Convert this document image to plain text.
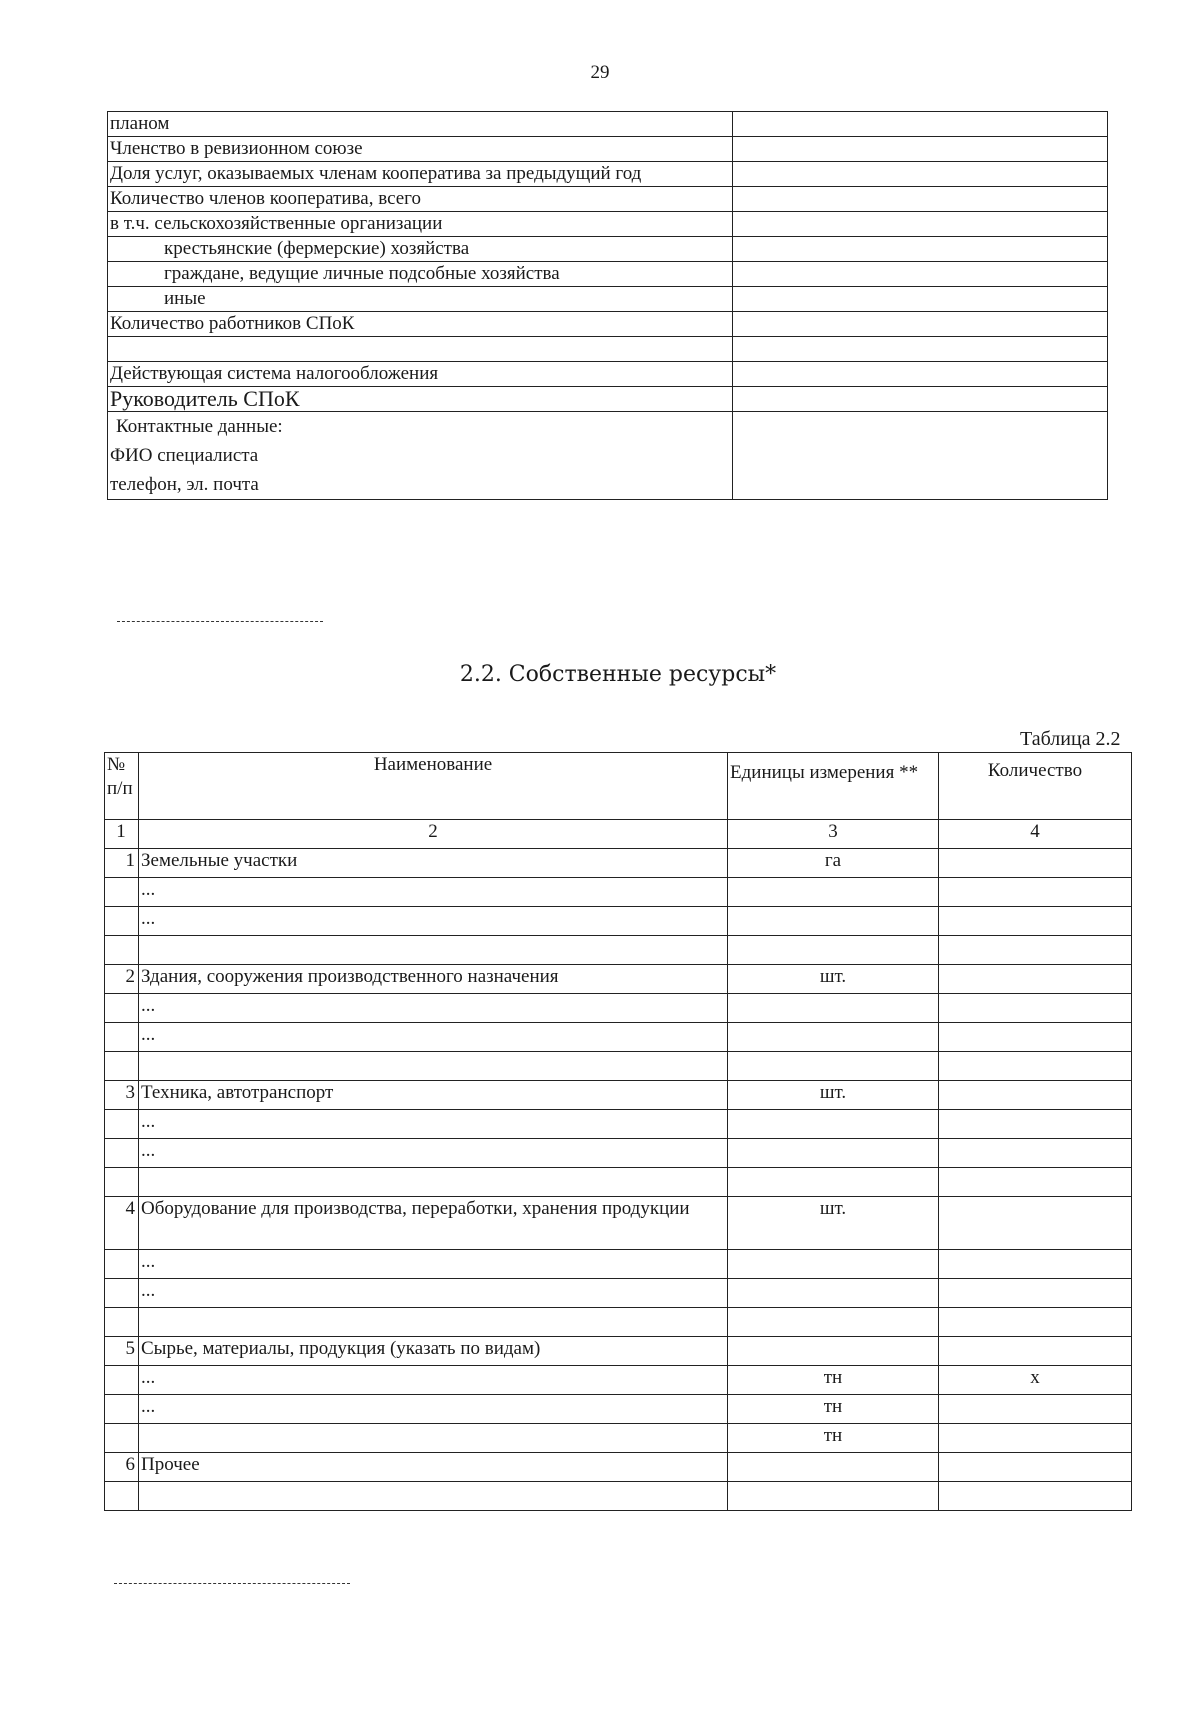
29
планом	
Членство в ревизионном союзе	
Доля услуг, оказываемых членам кооператива за предыдущий год	
Количество членов кооператива, всего	
в т.ч. сельскохозяйственные организации	
крестьянские (фермерские) хозяйства	
граждане, ведущие личные подсобные хозяйства	
иные	
Количество работников СПоК	

Действующая система налогообложения	
Руководитель СПоК	

Контактные данные:
ФИО специалиста
телефон, эл. почта	

2.2. Собственные ресурсы*
Таблица 2.2
№ п/п	Наименование	Единицы измерения **	Количество
1	2	3	4
1	Земельные участки	га	
	...		
	...		

2	Здания, сооружения производственного назначения	шт.	
	...		
	...		

3	Техника, автотранспорт	шт.	
	...		
	...		

4	Оборудование для производства, переработки, хранения продукции	шт.	
	...		
	...		

5	Сырье, материалы, продукция (указать по видам)		
	...	тн	х
	...	тн	
		тн	
6	Прочее		
